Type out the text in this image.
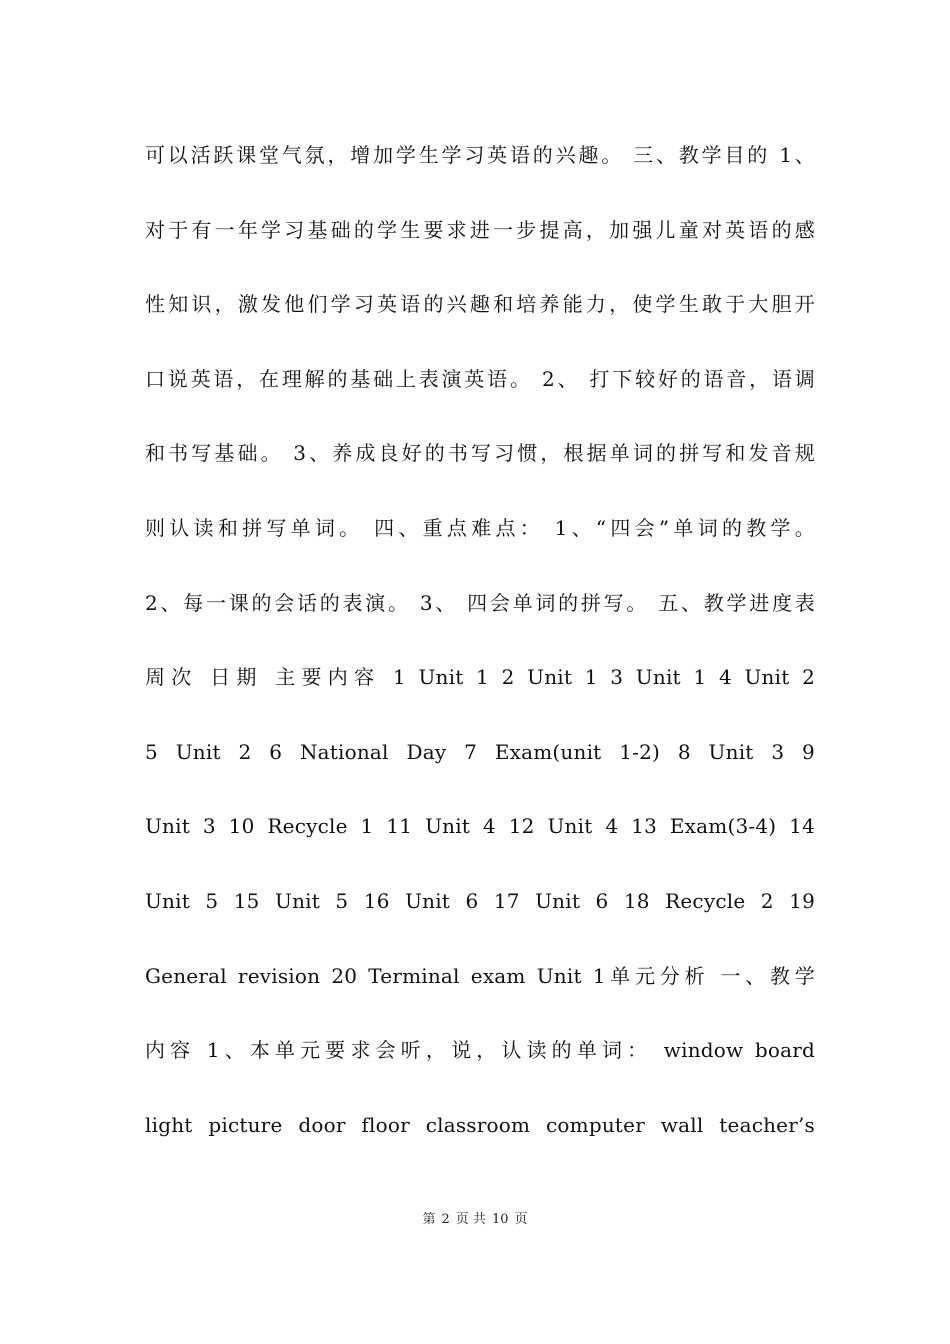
可以活跃课堂气氛，增加学生学习英语的兴趣。 三、教学目的 1、
对于有一年学习基础的学生要求进一步提高，加强儿童对英语的感
性知识，激发他们学习英语的兴趣和培养能力，使学生敢于大胆开
口说英语，在理解的基础上表演英语。 2、 打下较好的语音，语调
和书写基础。 3、养成良好的书写习惯，根据单词的拼写和发音规
则认读和拼写单词。 四、重点难点： 1、“四会”单词的教学。
2、每一课的会话的表演。 3、 四会单词的拼写。 五、教学进度表
周次 日期 主要内容 1 Unit 1 2 Unit 1 3 Unit 1 4 Unit 2
5 Unit 2 6 National Day 7 Exam(unit 1-2) 8 Unit 3 9
Unit 3 10 Recycle 1 11 Unit 4 12 Unit 4 13 Exam(3-4) 14
Unit 5 15 Unit 5 16 Unit 6 17 Unit 6 18 Recycle 2 19
General revision 20 Terminal exam Unit 1单元分析 一、教学
内容 1、本单元要求会听，说，认读的单词： window board
light picture door floor classroom computer wall teacher’s
第 2 页 共 10 页
